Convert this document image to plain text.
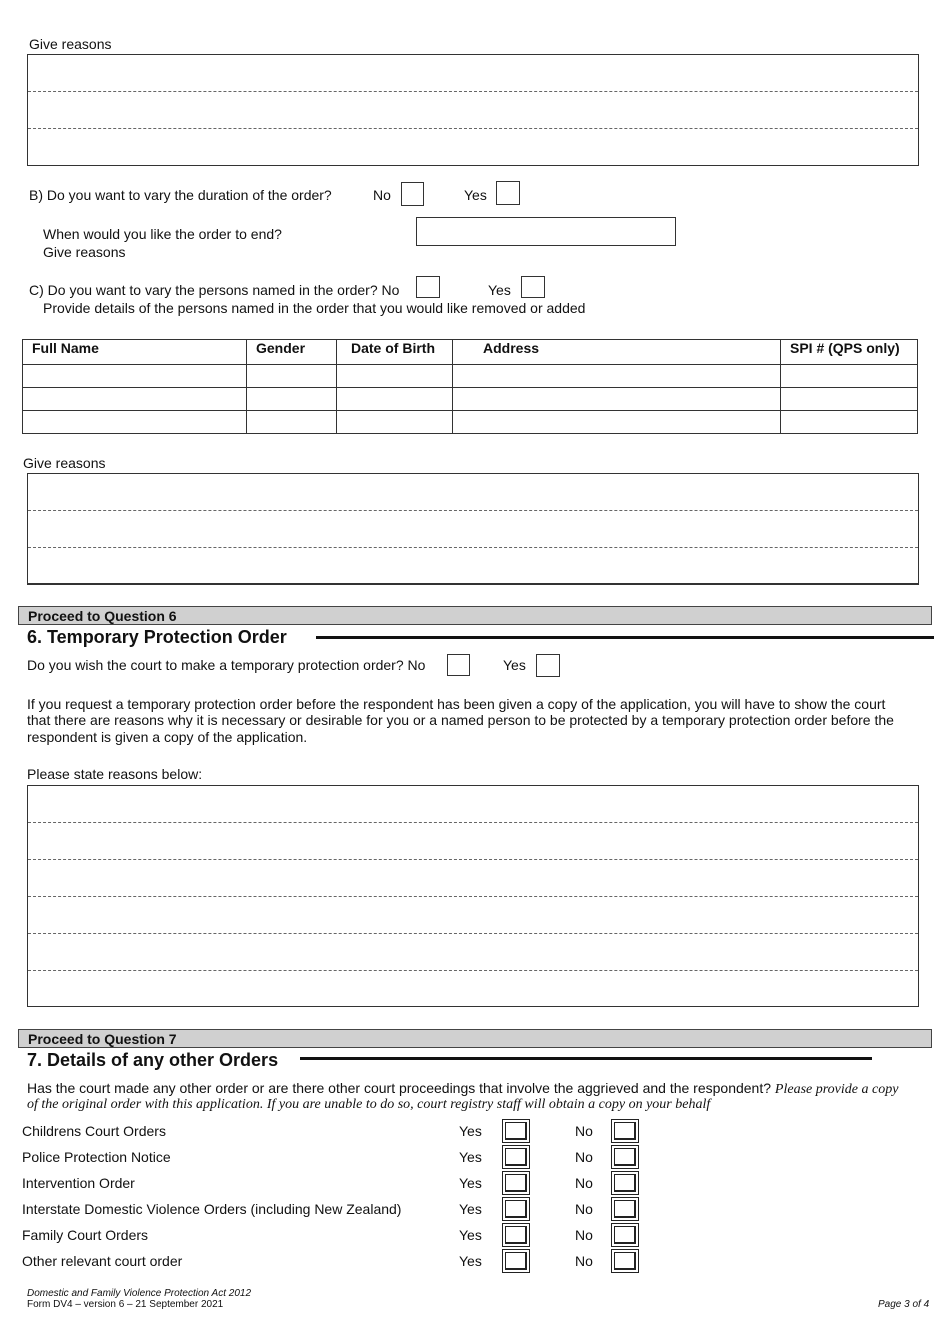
Give reasons
B) Do you want to vary the duration of the order?	No	Yes
When would you like the order to end?
Give reasons
C) Do you want to vary the persons named in the order? No	Yes
Provide details of the persons named in the order that you would like removed or added
Full Name	Gender	Date of Birth	Address	SPI # (QPS only)

Give reasons
Proceed to Question 6
6. Temporary Protection Order
Do you wish the court to make a temporary protection order? No	Yes
If you request a temporary protection order before the respondent has been given a copy of the application, you will have to show the court
that there are reasons why it is necessary or desirable for you or a named person to be protected by a temporary protection order before the
respondent is given a copy of the application.
Please state reasons below:
Proceed to Question 7
7. Details of any other Orders
Has the court made any other order or are there other court proceedings that involve the aggrieved and the respondent? Please provide a copy
of the original order with this application. If you are unable to do so, court registry staff will obtain a copy on your behalf
Childrens Court Orders	Yes	No
Police Protection Notice	Yes	No
Intervention Order	Yes	No
Interstate Domestic Violence Orders (including New Zealand)	Yes	No
Family Court Orders	Yes	No
Other relevant court order	Yes	No
Domestic and Family Violence Protection Act 2012
Form DV4 – version 6 – 21 September 2021	Page 3 of 4
